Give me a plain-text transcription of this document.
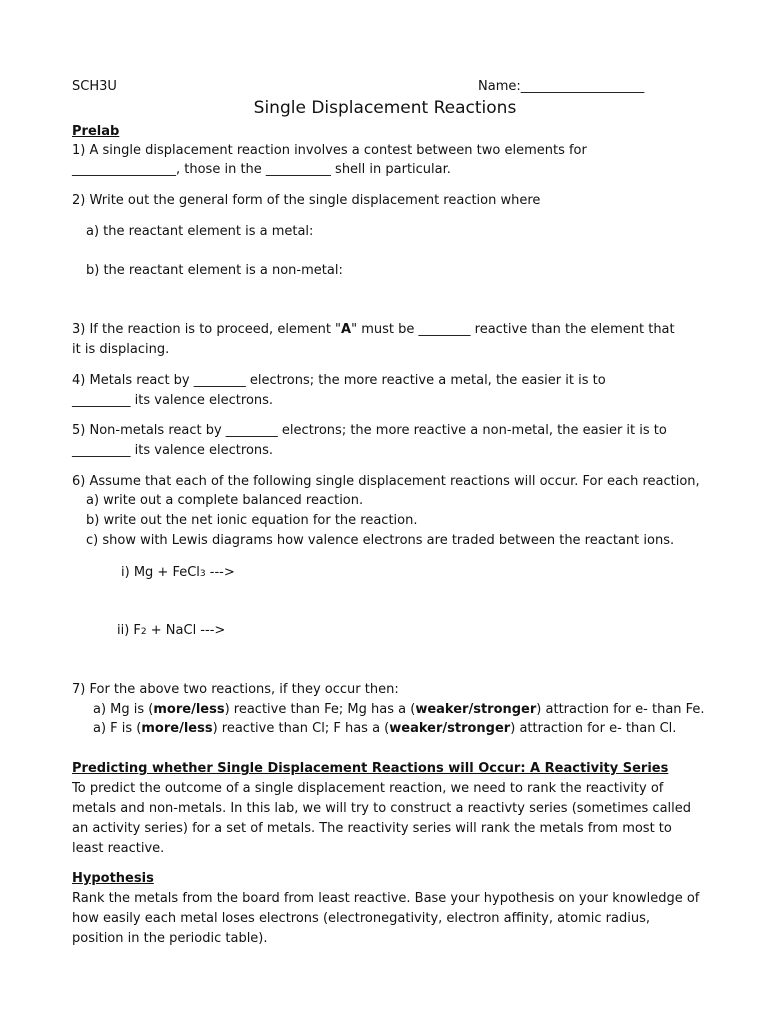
SCH3U	Name:___________________
Single Displacement Reactions
Prelab
1) A single displacement reaction involves a contest between two elements for
________________, those in the __________ shell in particular.
2) Write out the general form of the single displacement reaction where
a) the reactant element is a metal:
b) the reactant element is a non-metal:
3) If the reaction is to proceed, element "A" must be ________ reactive than the element that
it is displacing.
4) Metals react by ________ electrons; the more reactive a metal, the easier it is to
_________ its valence electrons.
5) Non-metals react by ________ electrons; the more reactive a non-metal, the easier it is to
_________ its valence electrons.
6) Assume that each of the following single displacement reactions will occur. For each reaction,
a) write out a complete balanced reaction.
b) write out the net ionic equation for the reaction.
c) show with Lewis diagrams how valence electrons are traded between the reactant ions.
i) Mg + FeCl3 --->
ii) F2 + NaCl --->
7) For the above two reactions, if they occur then:
a) Mg is (more/less) reactive than Fe; Mg has a (weaker/stronger) attraction for e- than Fe.
a) F is (more/less) reactive than Cl; F has a (weaker/stronger) attraction for e- than Cl.
Predicting whether Single Displacement Reactions will Occur: A Reactivity Series
To predict the outcome of a single displacement reaction, we need to rank the reactivity of
metals and non-metals. In this lab, we will try to construct a reactivty series (sometimes called
an activity series) for a set of metals. The reactivity series will rank the metals from most to
least reactive.
Hypothesis
Rank the metals from the board from least reactive. Base your hypothesis on your knowledge of
how easily each metal loses electrons (electronegativity, electron affinity, atomic radius,
position in the periodic table).
